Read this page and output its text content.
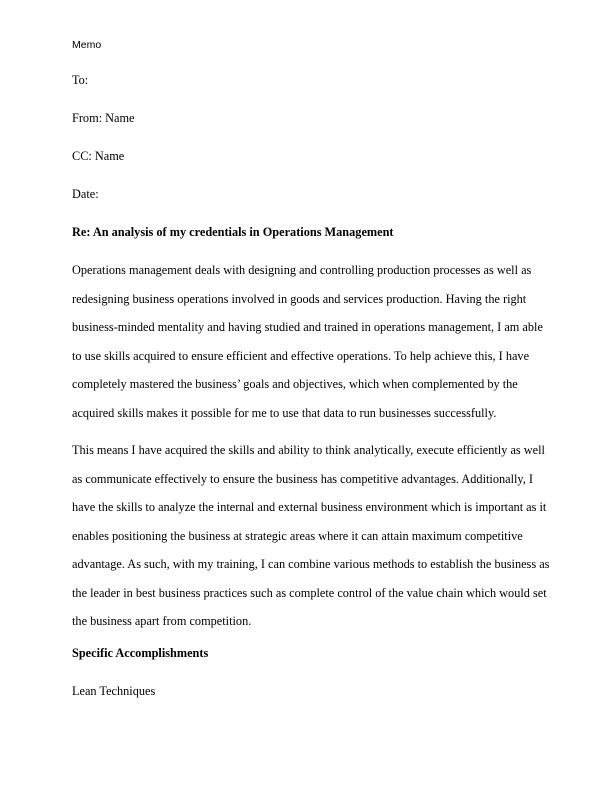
Memo
To:
From: Name
CC: Name
Date:
Re: An analysis of my credentials in Operations Management
Operations management deals with designing and controlling production processes as well as
redesigning business operations involved in goods and services production. Having the right
business-minded mentality and having studied and trained in operations management, I am able
to use skills acquired to ensure efficient and effective operations. To help achieve this, I have
completely mastered the business’ goals and objectives, which when complemented by the
acquired skills makes it possible for me to use that data to run businesses successfully.
This means I have acquired the skills and ability to think analytically, execute efficiently as well
as communicate effectively to ensure the business has competitive advantages. Additionally, I
have the skills to analyze the internal and external business environment which is important as it
enables positioning the business at strategic areas where it can attain maximum competitive
advantage. As such, with my training, I can combine various methods to establish the business as
the leader in best business practices such as complete control of the value chain which would set
the business apart from competition.
Specific Accomplishments
Lean Techniques
